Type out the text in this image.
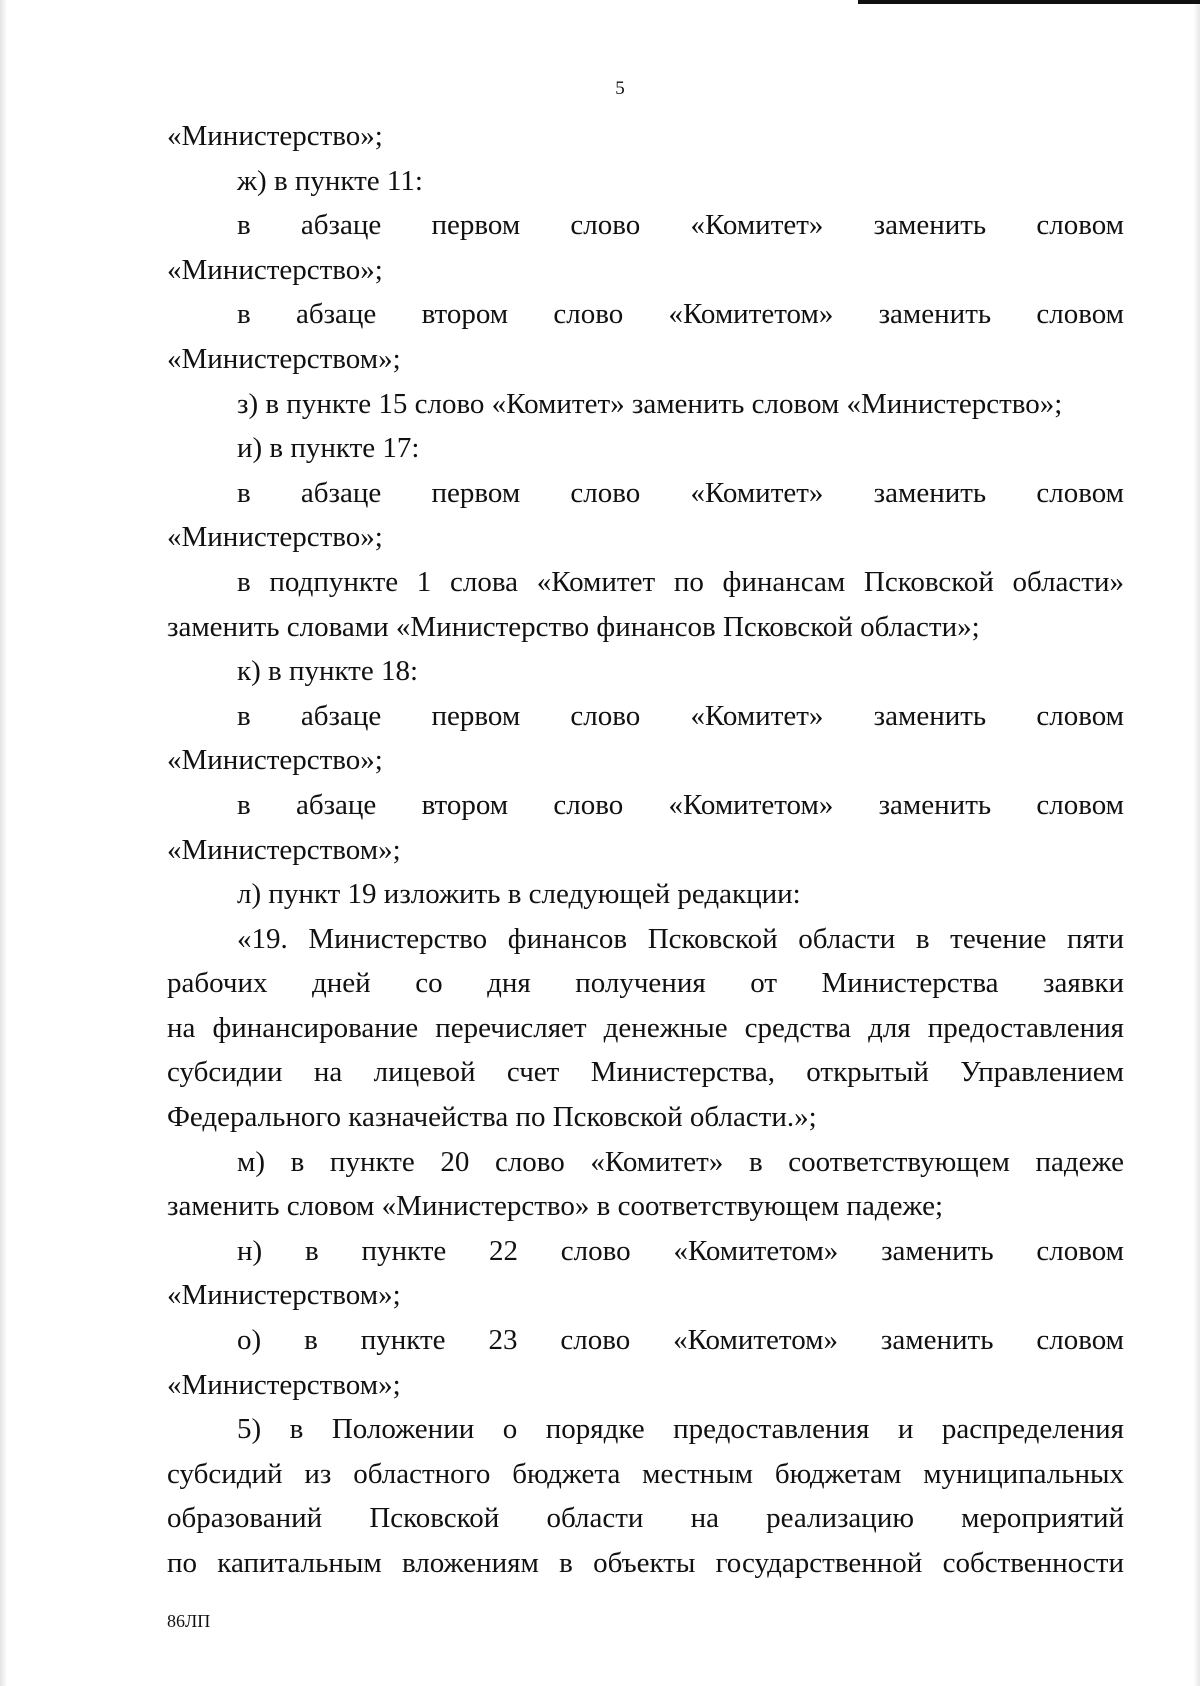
5
«Министерство»;
ж) в пункте 11:
в абзаце первом слово «Комитет» заменить словом
«Министерство»;
в абзаце втором слово «Комитетом» заменить словом
«Министерством»;
з) в пункте 15 слово «Комитет» заменить словом «Министерство»;
и) в пункте 17:
в абзаце первом слово «Комитет» заменить словом
«Министерство»;
в подпункте 1 слова «Комитет по финансам Псковской области»
заменить словами «Министерство финансов Псковской области»;
к) в пункте 18:
в абзаце первом слово «Комитет» заменить словом
«Министерство»;
в абзаце втором слово «Комитетом» заменить словом
«Министерством»;
л) пункт 19 изложить в следующей редакции:
«19. Министерство финансов Псковской области в течение пяти
рабочих дней со дня получения от Министерства заявки
на финансирование перечисляет денежные средства для предоставления
субсидии на лицевой счет Министерства, открытый Управлением
Федерального казначейства по Псковской области.»;
м) в пункте 20 слово «Комитет» в соответствующем падеже
заменить словом «Министерство» в соответствующем падеже;
н) в пункте 22 слово «Комитетом» заменить словом
«Министерством»;
о) в пункте 23 слово «Комитетом» заменить словом
«Министерством»;
5) в Положении о порядке предоставления и распределения
субсидий из областного бюджета местным бюджетам муниципальных
образований Псковской области на реализацию мероприятий
по капитальным вложениям в объекты государственной собственности
86ЛП
